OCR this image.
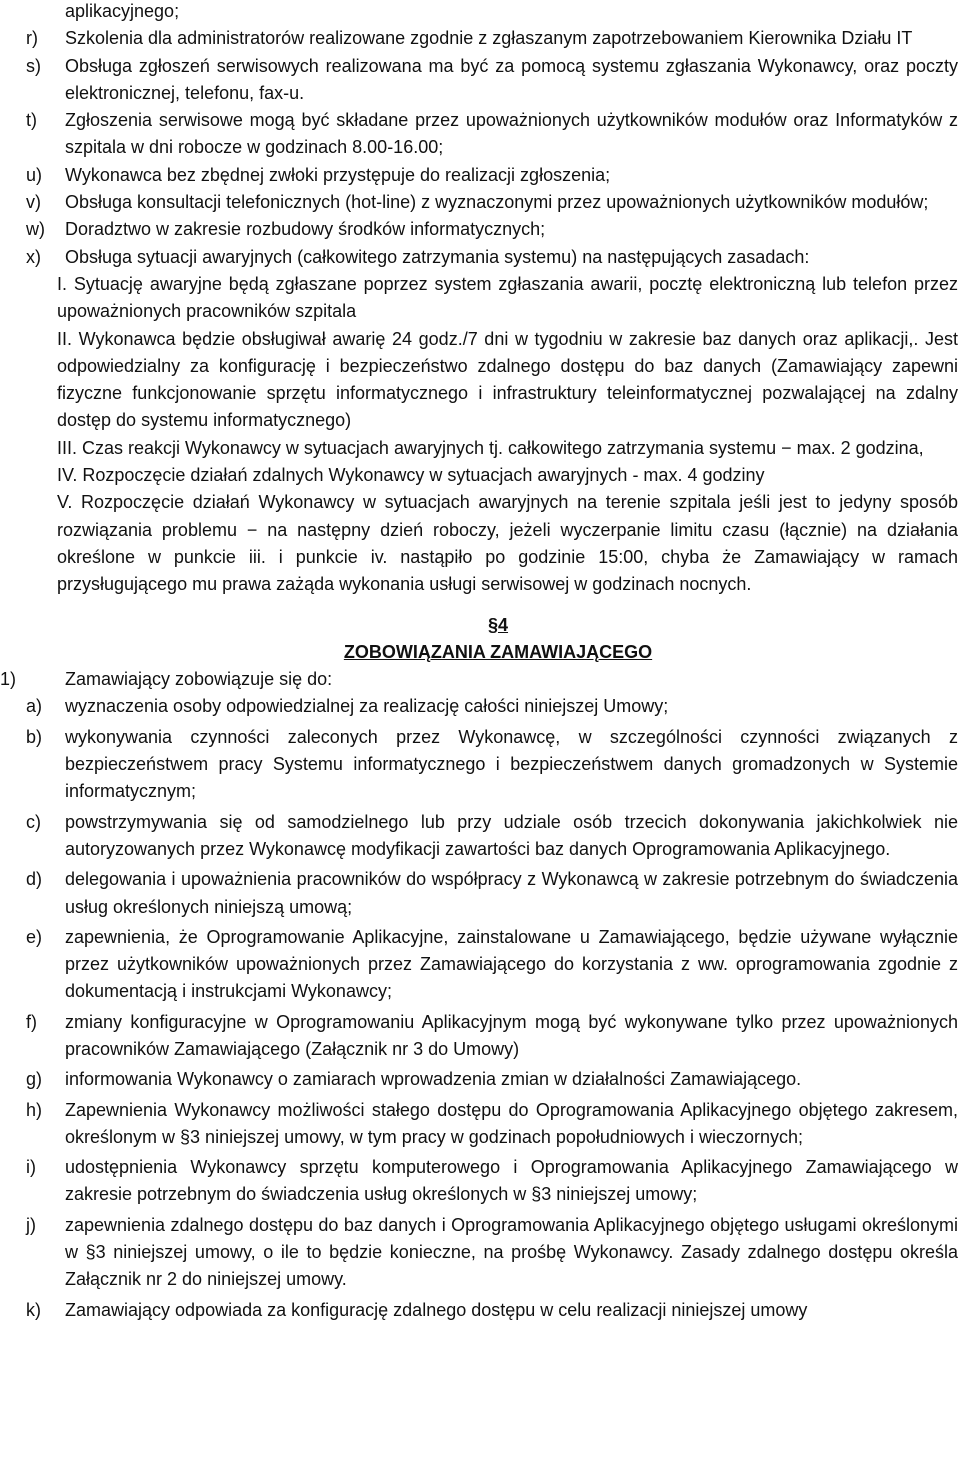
aplikacyjnego;
r) Szkolenia dla administratorów realizowane zgodnie z zgłaszanym zapotrzebowaniem Kierownika Działu IT
s) Obsługa zgłoszeń serwisowych realizowana ma być za pomocą systemu zgłaszania Wykonawcy, oraz poczty elektronicznej, telefonu, fax-u.
t) Zgłoszenia serwisowe mogą być składane przez upoważnionych użytkowników modułów oraz Informatyków z szpitala w dni robocze w godzinach 8.00-16.00;
u) Wykonawca bez zbędnej zwłoki przystępuje do realizacji zgłoszenia;
v) Obsługa konsultacji telefonicznych (hot-line) z wyznaczonymi przez upoważnionych użytkowników modułów;
w) Doradztwo w zakresie rozbudowy środków informatycznych;
x) Obsługa sytuacji awaryjnych (całkowitego zatrzymania systemu) na następujących zasadach:
I. Sytuację awaryjne będą zgłaszane poprzez system zgłaszania awarii, pocztę elektroniczną lub telefon przez upoważnionych pracowników szpitala
II. Wykonawca będzie obsługiwał awarię 24 godz./7 dni w tygodniu w zakresie baz danych oraz aplikacji,. Jest odpowiedzialny za konfigurację i bezpieczeństwo zdalnego dostępu do baz danych (Zamawiający zapewni fizyczne funkcjonowanie sprzętu informatycznego i infrastruktury teleinformatycznej pozwalającej na zdalny dostęp do systemu informatycznego)
III. Czas reakcji Wykonawcy w sytuacjach awaryjnych tj. całkowitego zatrzymania systemu − max. 2 godzina,
IV. Rozpoczęcie działań zdalnych Wykonawcy w sytuacjach awaryjnych - max. 4 godziny
V. Rozpoczęcie działań Wykonawcy w sytuacjach awaryjnych na terenie szpitala jeśli jest to jedyny sposób rozwiązania problemu − na następny dzień roboczy, jeżeli wyczerpanie limitu czasu (łącznie) na działania określone w punkcie iii. i punkcie iv. nastąpiło po godzinie 15:00, chyba że Zamawiający w ramach przysługującego mu prawa zażąda wykonania usługi serwisowej w godzinach nocnych.
§4
ZOBOWIĄZANIA ZAMAWIAJĄCEGO
1)	Zamawiający zobowiązuje się do:
a) wyznaczenia osoby odpowiedzialnej za realizację całości niniejszej Umowy;
b) wykonywania czynności zaleconych przez Wykonawcę, w szczególności czynności związanych z bezpieczeństwem pracy Systemu informatycznego i bezpieczeństwem danych gromadzonych w Systemie informatycznym;
c) powstrzymywania się od samodzielnego lub przy udziale osób trzecich dokonywania jakichkolwiek nie autoryzowanych przez Wykonawcę modyfikacji zawartości baz danych Oprogramowania Aplikacyjnego.
d) delegowania i upoważnienia pracowników do współpracy z Wykonawcą w zakresie potrzebnym do świadczenia usług określonych niniejszą umową;
e) zapewnienia, że Oprogramowanie Aplikacyjne, zainstalowane u Zamawiającego, będzie używane wyłącznie przez użytkowników upoważnionych przez Zamawiającego do korzystania z ww. oprogramowania zgodnie z dokumentacją i instrukcjami Wykonawcy;
f) zmiany konfiguracyjne w Oprogramowaniu Aplikacyjnym mogą być wykonywane tylko przez upoważnionych pracowników Zamawiającego (Załącznik nr 3 do Umowy)
g) informowania Wykonawcy o zamiarach wprowadzenia zmian w działalności Zamawiającego.
h) Zapewnienia Wykonawcy możliwości stałego dostępu do Oprogramowania Aplikacyjnego objętego zakresem, określonym w §3 niniejszej umowy, w tym pracy w godzinach popołudniowych i wieczornych;
i) udostępnienia Wykonawcy sprzętu komputerowego i Oprogramowania Aplikacyjnego Zamawiającego w zakresie potrzebnym do świadczenia usług określonych w §3 niniejszej umowy;
j) zapewnienia zdalnego dostępu do baz danych i Oprogramowania Aplikacyjnego objętego usługami określonymi w §3 niniejszej umowy, o ile to będzie konieczne, na prośbę Wykonawcy. Zasady zdalnego dostępu określa Załącznik nr 2 do niniejszej umowy.
k) Zamawiający odpowiada za konfigurację zdalnego dostępu w celu realizacji niniejszej umowy
